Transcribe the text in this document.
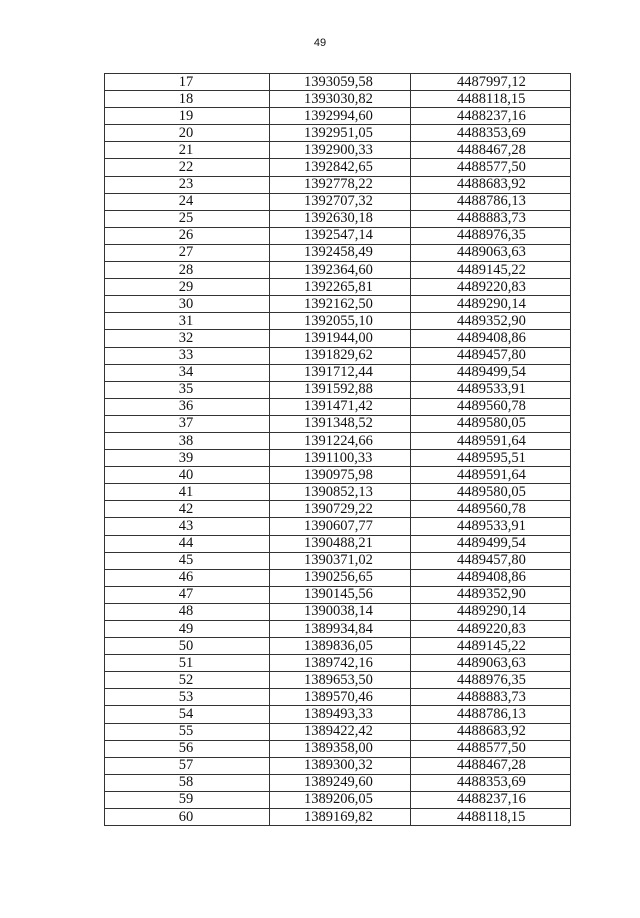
49
17	1393059,58	4487997,12
18	1393030,82	4488118,15
19	1392994,60	4488237,16
20	1392951,05	4488353,69
21	1392900,33	4488467,28
22	1392842,65	4488577,50
23	1392778,22	4488683,92
24	1392707,32	4488786,13
25	1392630,18	4488883,73
26	1392547,14	4488976,35
27	1392458,49	4489063,63
28	1392364,60	4489145,22
29	1392265,81	4489220,83
30	1392162,50	4489290,14
31	1392055,10	4489352,90
32	1391944,00	4489408,86
33	1391829,62	4489457,80
34	1391712,44	4489499,54
35	1391592,88	4489533,91
36	1391471,42	4489560,78
37	1391348,52	4489580,05
38	1391224,66	4489591,64
39	1391100,33	4489595,51
40	1390975,98	4489591,64
41	1390852,13	4489580,05
42	1390729,22	4489560,78
43	1390607,77	4489533,91
44	1390488,21	4489499,54
45	1390371,02	4489457,80
46	1390256,65	4489408,86
47	1390145,56	4489352,90
48	1390038,14	4489290,14
49	1389934,84	4489220,83
50	1389836,05	4489145,22
51	1389742,16	4489063,63
52	1389653,50	4488976,35
53	1389570,46	4488883,73
54	1389493,33	4488786,13
55	1389422,42	4488683,92
56	1389358,00	4488577,50
57	1389300,32	4488467,28
58	1389249,60	4488353,69
59	1389206,05	4488237,16
60	1389169,82	4488118,15
